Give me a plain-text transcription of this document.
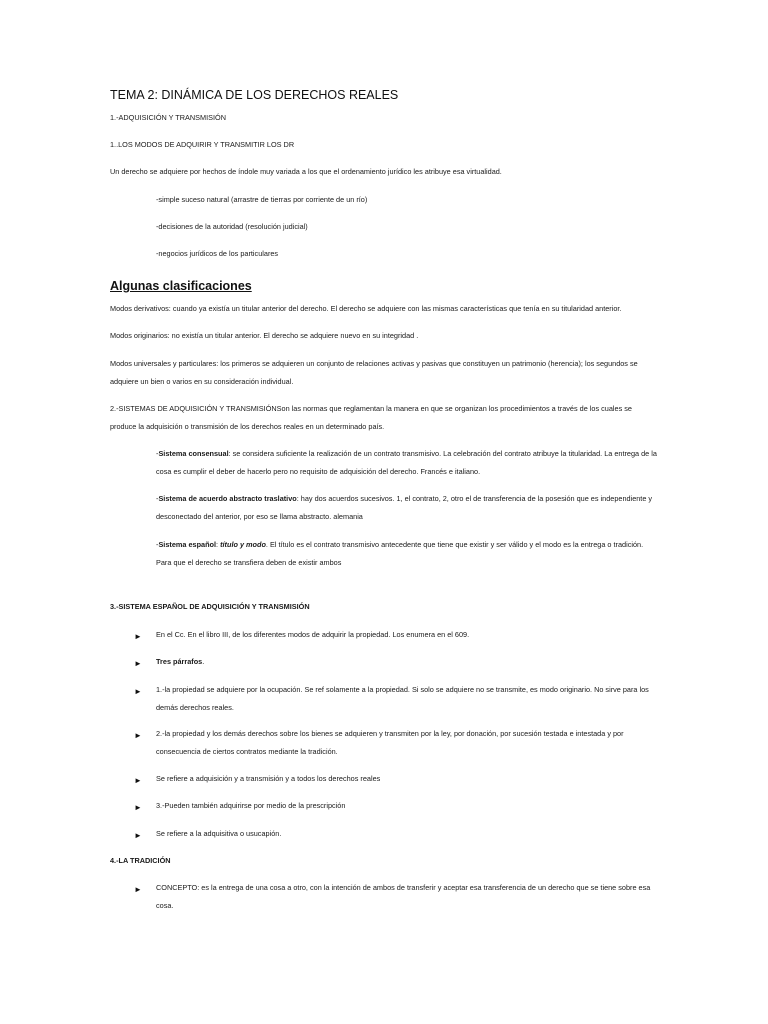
TEMA 2: DINÁMICA DE LOS DERECHOS REALES

1.-ADQUISICIÓN Y TRANSMISIÓN

1..LOS MODOS DE ADQUIRIR Y TRANSMITIR LOS DR

Un derecho se adquiere por hechos de índole muy variada a los que el ordenamiento jurídico les atribuye esa virtualidad.

-simple suceso natural (arrastre de tierras por corriente de un río)

-decisiones de la autoridad (resolución judicial)

-negocios jurídicos de los particulares

Algunas clasificaciones

Modos derivativos: cuando ya existía un titular anterior del derecho. El derecho se adquiere con las mismas características que tenía en su titularidad anterior.

Modos originarios: no existía un titular anterior. El derecho se adquiere nuevo en su integridad .

Modos universales y particulares: los primeros se adquieren un conjunto de relaciones activas y pasivas que constituyen un patrimonio (herencia); los segundos se adquiere un bien o varios en su consideración individual.

2.-SISTEMAS DE ADQUISICIÓN Y TRANSMISIÓNSon las normas que reglamentan la manera en que se organizan los procedimientos a través de los cuales se produce la adquisición o transmisión de los derechos reales en un determinado país.

-Sistema consensual: se considera suficiente la realización de un contrato transmisivo. La celebración del contrato atribuye la titularidad. La entrega de la cosa es cumplir el deber de hacerlo pero no requisito de adquisición del derecho. Francés e italiano.

-Sistema de acuerdo abstracto traslativo: hay dos acuerdos sucesivos. 1, el contrato, 2, otro el de transferencia de la posesión que es independiente y desconectado del anterior, por eso se llama abstracto. alemania

-Sistema español: título y modo. El título es el contrato transmisivo antecedente que tiene que existir y ser válido y el modo es la entrega o tradición. Para que el derecho se transfiera deben de existir ambos

3.-SISTEMA ESPAÑOL DE ADQUISICIÓN Y TRANSMISIÓN

► En el Cc. En el libro III, de los diferentes modos de adquirir la propiedad. Los enumera en el 609.

► Tres párrafos.

► 1.-la propiedad se adquiere por la ocupación. Se ref solamente a la propiedad. Si solo se adquiere no se transmite, es modo originario. No sirve para los demás derechos reales.

► 2.-la propiedad y los demás derechos sobre los bienes se adquieren y transmiten por la ley, por donación, por sucesión testada e intestada y por consecuencia de ciertos contratos mediante la tradición.

► Se refiere a adquisición y a transmisión y a todos los derechos reales

► 3.-Pueden también adquirirse por medio de la prescripción

► Se refiere a la adquisitiva o usucapión.

4.-LA TRADICIÓN

► CONCEPTO: es la entrega de una cosa a otro, con la intención de ambos de transferir y aceptar esa transferencia de un derecho que se tiene sobre esa cosa.
